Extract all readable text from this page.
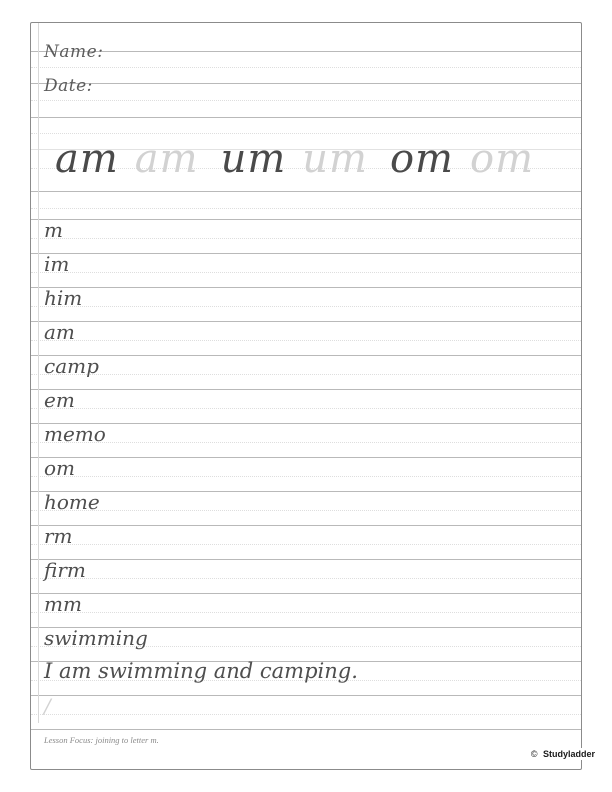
Name:
Date:
am am um um om om
m
im
him
am
camp
em
memo
om
home
rm
firm
mm
swimming
I am swimming and camping.
/
Lesson Focus: joining to letter m.
© Studyladder
